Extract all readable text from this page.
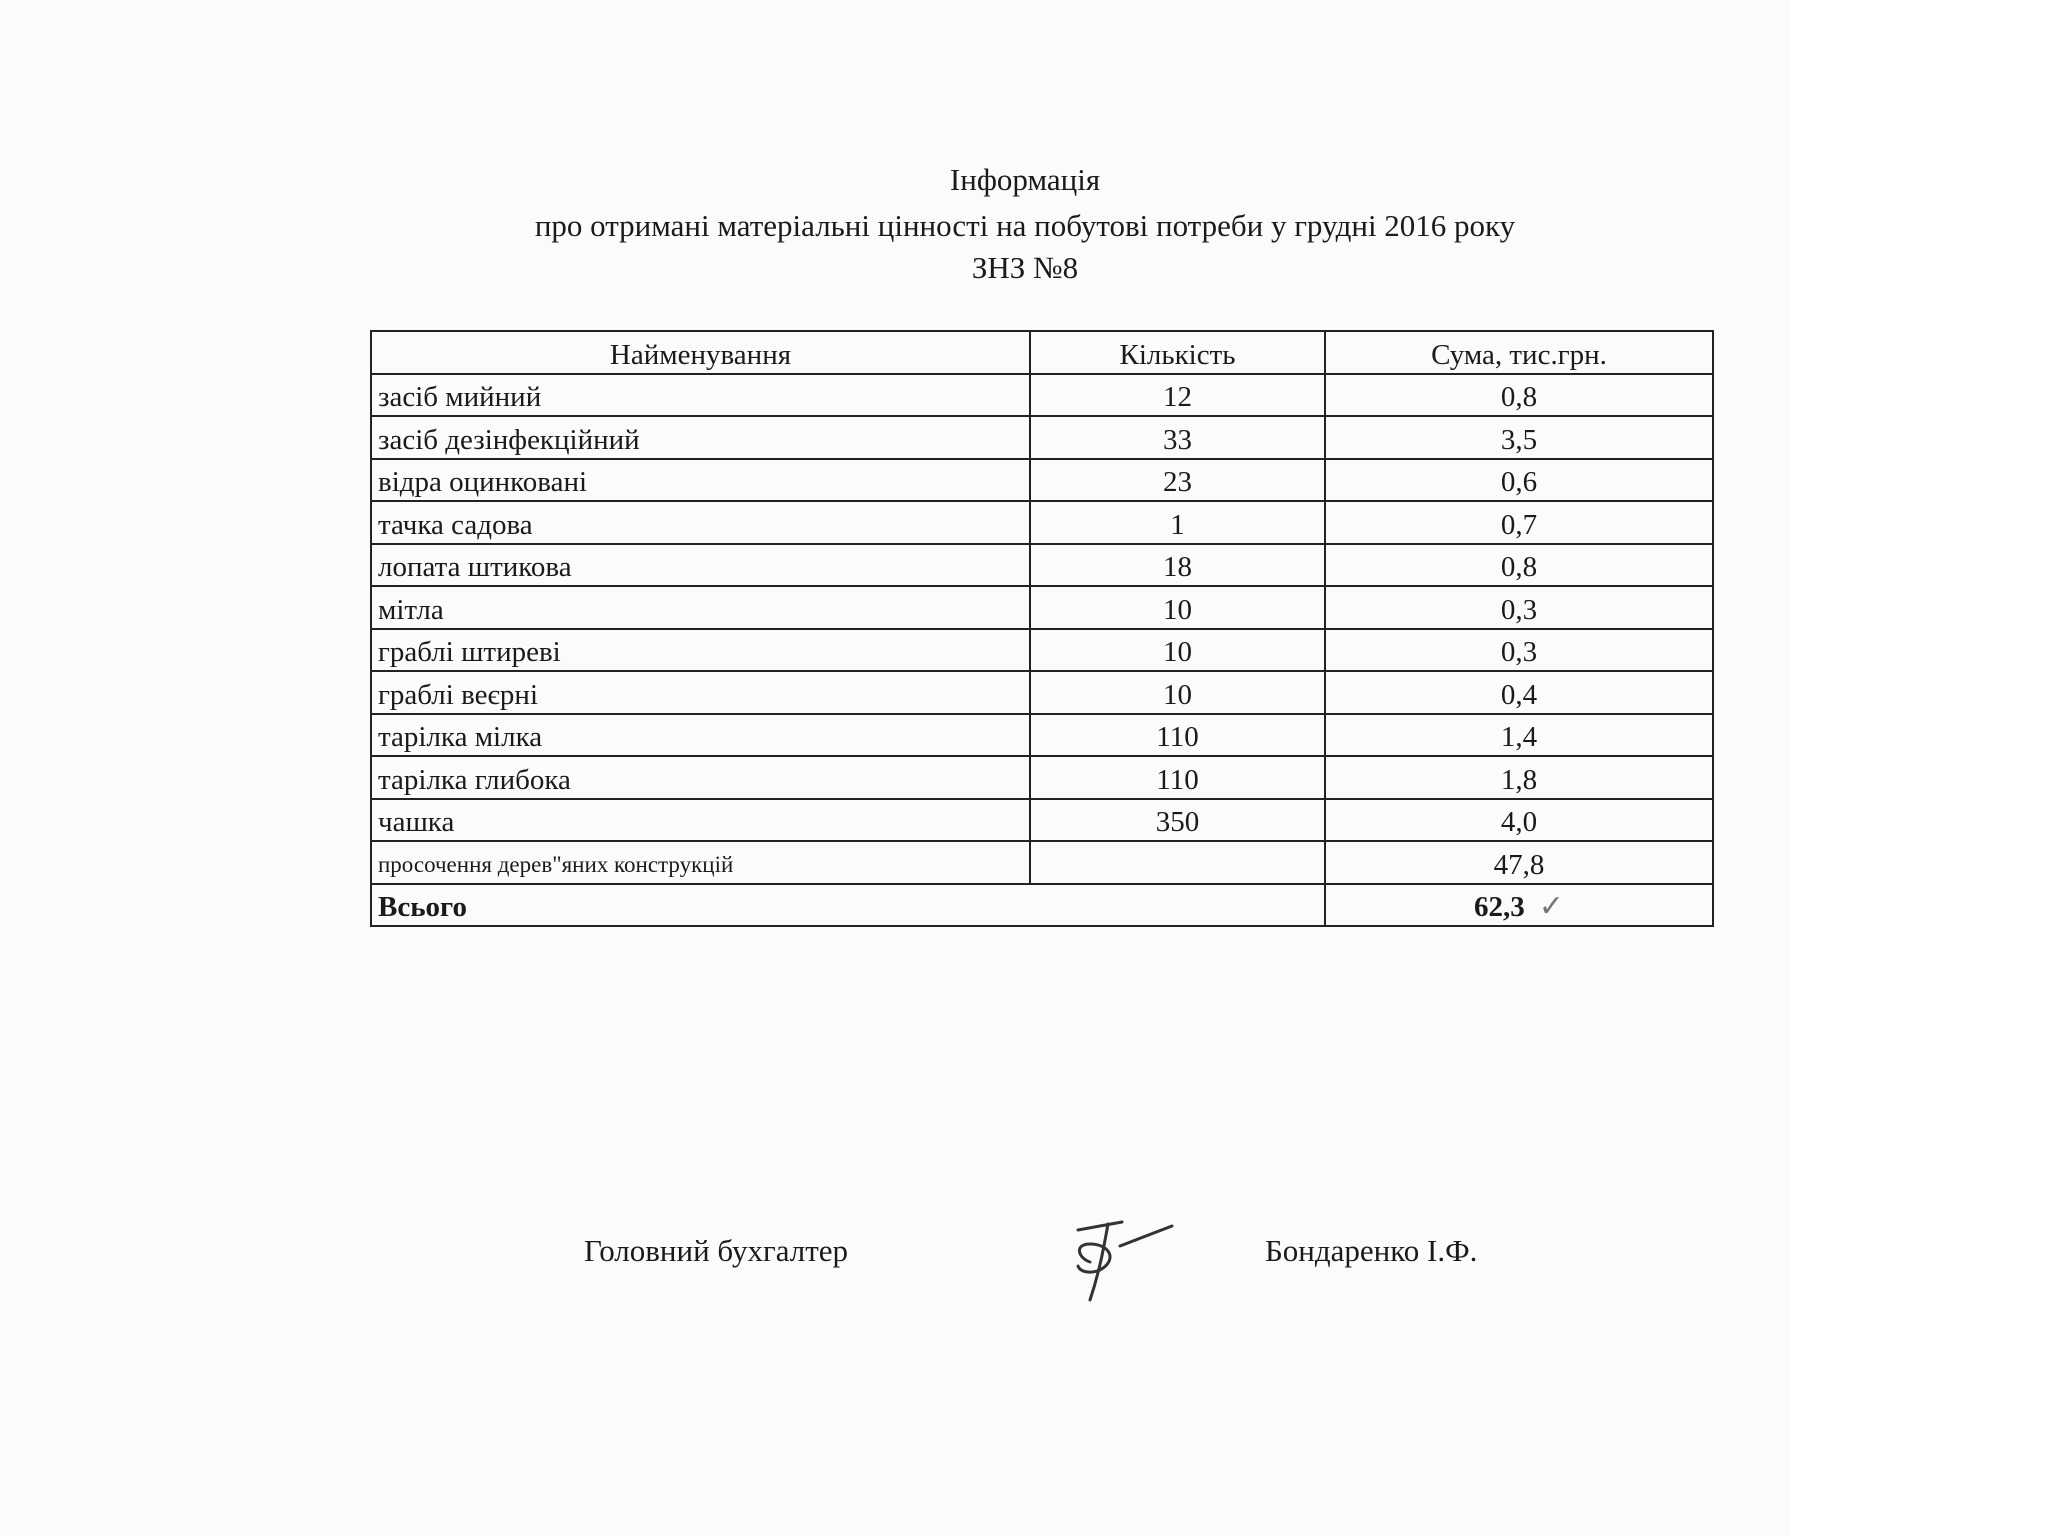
Інформація
про отримані матеріальні цінності на побутові потреби у грудні 2016 року
ЗНЗ №8
Найменування	Кількість	Сума, тис.грн.
засіб мийний	12	0,8
засіб дезінфекційний	33	3,5
відра оцинковані	23	0,6
тачка садова	1	0,7
лопата штикова	18	0,8
мітла	10	0,3
граблі штиреві	10	0,3
граблі веєрні	10	0,4
тарілка мілка	110	1,4
тарілка глибока	110	1,8
чашка	350	4,0
просочення дерев"яних конструкцій		47,8
Всього		62,3 ✓
Головний бухгалтер	Бондаренко І.Ф.
